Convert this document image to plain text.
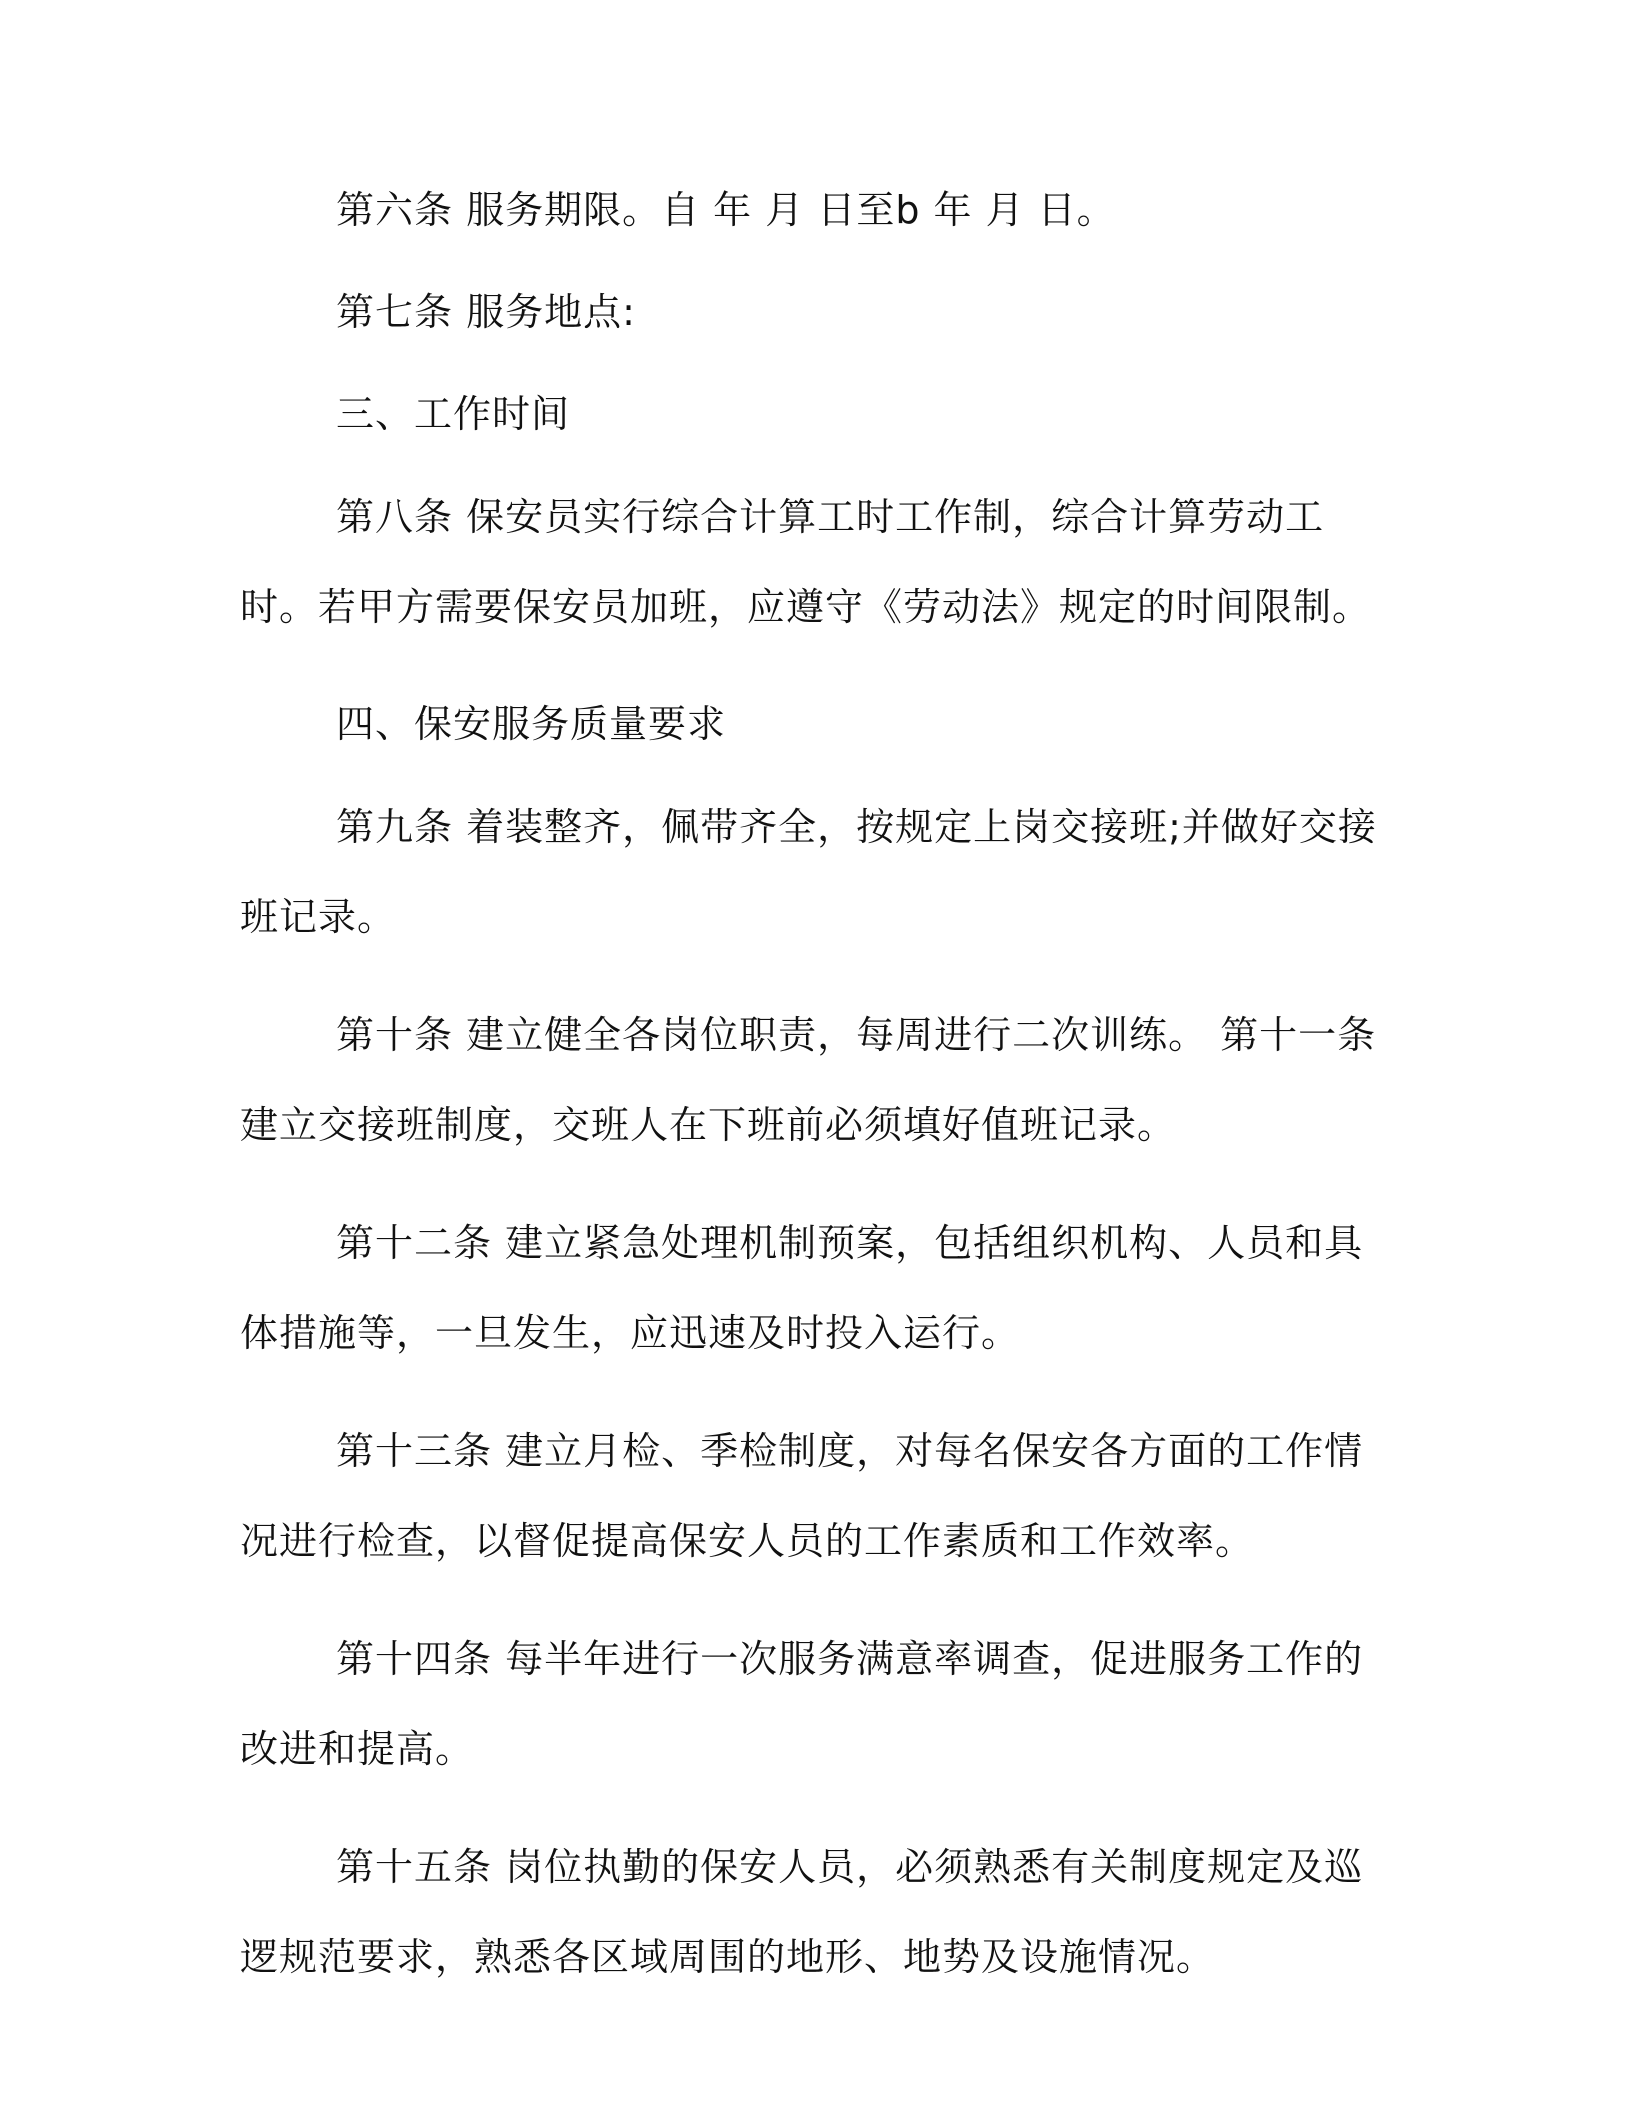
第六条 服务期限。自 年 月 日至b 年 月 日。

第七条 服务地点:

三、工作时间

第八条 保安员实行综合计算工时工作制，综合计算劳动工时。若甲方需要保安员加班，应遵守《劳动法》规定的时间限制。

四、保安服务质量要求

第九条 着装整齐，佩带齐全，按规定上岗交接班;并做好交接班记录。

第十条 建立健全各岗位职责，每周进行二次训练。 第十一条 建立交接班制度，交班人在下班前必须填好值班记录。

第十二条 建立紧急处理机制预案，包括组织机构、人员和具体措施等，一旦发生，应迅速及时投入运行。

第十三条 建立月检、季检制度，对每名保安各方面的工作情况进行检查，以督促提高保安人员的工作素质和工作效率。

第十四条 每半年进行一次服务满意率调查，促进服务工作的改进和提高。

第十五条 岗位执勤的保安人员，必须熟悉有关制度规定及巡逻规范要求，熟悉各区域周围的地形、地势及设施情况。
